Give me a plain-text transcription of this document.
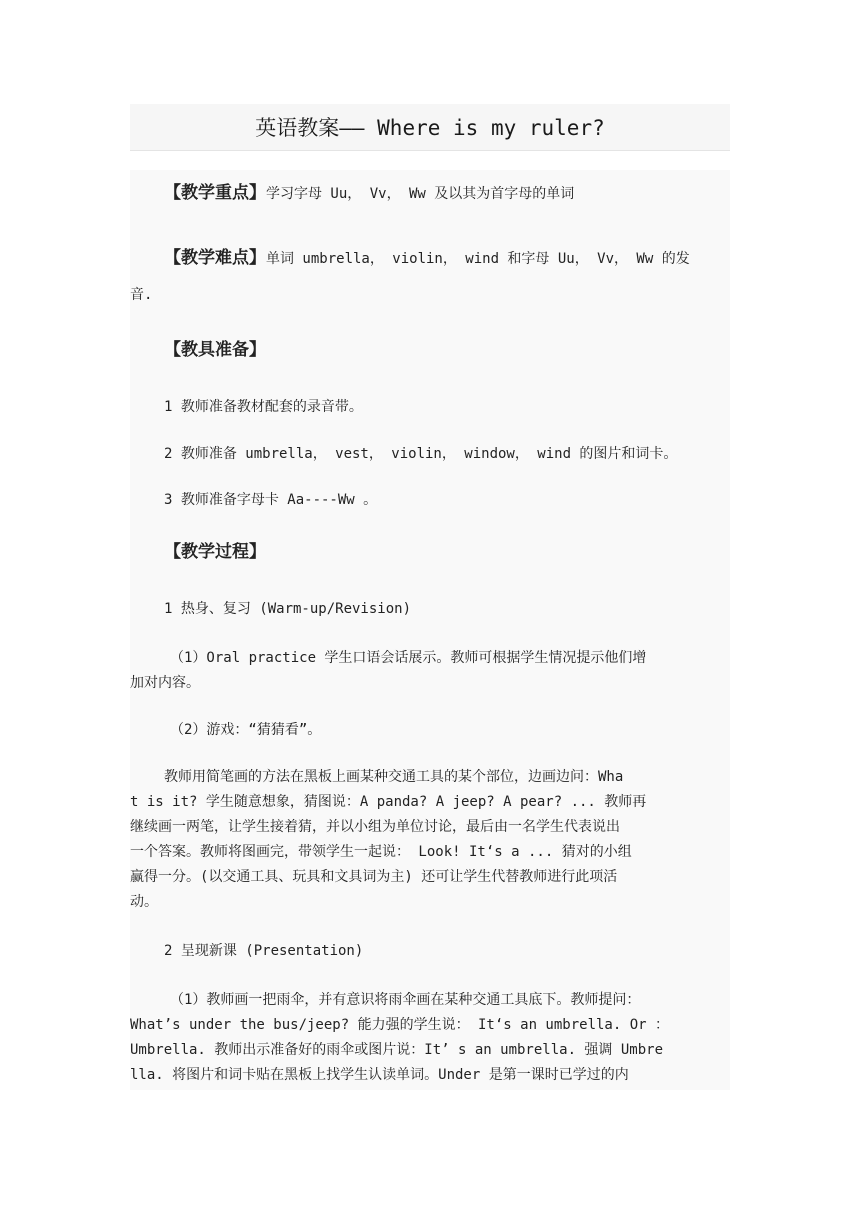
英语教案—— Where is my ruler?
【教学重点】学习字母 Uu， Vv， Ww 及以其为首字母的单词
【教学难点】单词 umbrella， violin， wind 和字母 Uu， Vv， Ww 的发
音.
【教具准备】
1 教师准备教材配套的录音带。
2 教师准备 umbrella， vest， violin， window， wind 的图片和词卡。
3 教师准备字母卡 Aa----Ww 。
【教学过程】
1 热身、复习 (Warm-up/Revision)
（1）Oral practice 学生口语会话展示。教师可根据学生情况提示他们增
加对内容。
（2）游戏：“猜猜看”。
教师用简笔画的方法在黑板上画某种交通工具的某个部位，边画边问：Wha
t is it? 学生随意想象，猜图说：A panda? A jeep? A pear? ... 教师再
继续画一两笔，让学生接着猜，并以小组为单位讨论，最后由一名学生代表说出
一个答案。教师将图画完，带领学生一起说： Look! It‘s a ... 猜对的小组
赢得一分。(以交通工具、玩具和文具词为主) 还可让学生代替教师进行此项活
动。
2 呈现新课 (Presentation)
（1）教师画一把雨伞，并有意识将雨伞画在某种交通工具底下。教师提问：
What’s under the bus/jeep? 能力强的学生说： It‘s an umbrella. Or ：
Umbrella. 教师出示准备好的雨伞或图片说：It’ s an umbrella. 强调 Umbre
lla. 将图片和词卡贴在黑板上找学生认读单词。Under 是第一课时已学过的内
